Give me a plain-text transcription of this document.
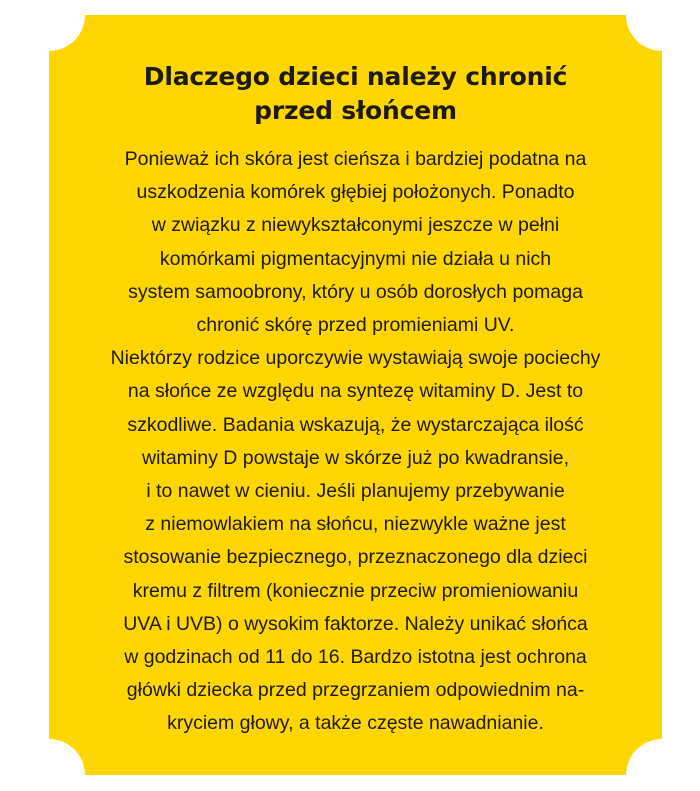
Dlaczego dzieci należy chronić
przed słońcem
Ponieważ ich skóra jest cieńsza i bardziej podatna na
uszkodzenia komórek głębiej położonych. Ponadto
w związku z niewykształconymi jeszcze w pełni
komórkami pigmentacyjnymi nie działa u nich
system samoobrony, który u osób dorosłych pomaga
chronić skórę przed promieniami UV.
Niektórzy rodzice uporczywie wystawiają swoje pociechy
na słońce ze względu na syntezę witaminy D. Jest to
szkodliwe. Badania wskazują, że wystarczająca ilość
witaminy D powstaje w skórze już po kwadransie,
i to nawet w cieniu. Jeśli planujemy przebywanie
z niemowlakiem na słońcu, niezwykle ważne jest
stosowanie bezpiecznego, przeznaczonego dla dzieci
kremu z filtrem (koniecznie przeciw promieniowaniu
UVA i UVB) o wysokim faktorze. Należy unikać słońca
w godzinach od 11 do 16. Bardzo istotna jest ochrona
główki dziecka przed przegrzaniem odpowiednim na-
kryciem głowy, a także częste nawadnianie.
